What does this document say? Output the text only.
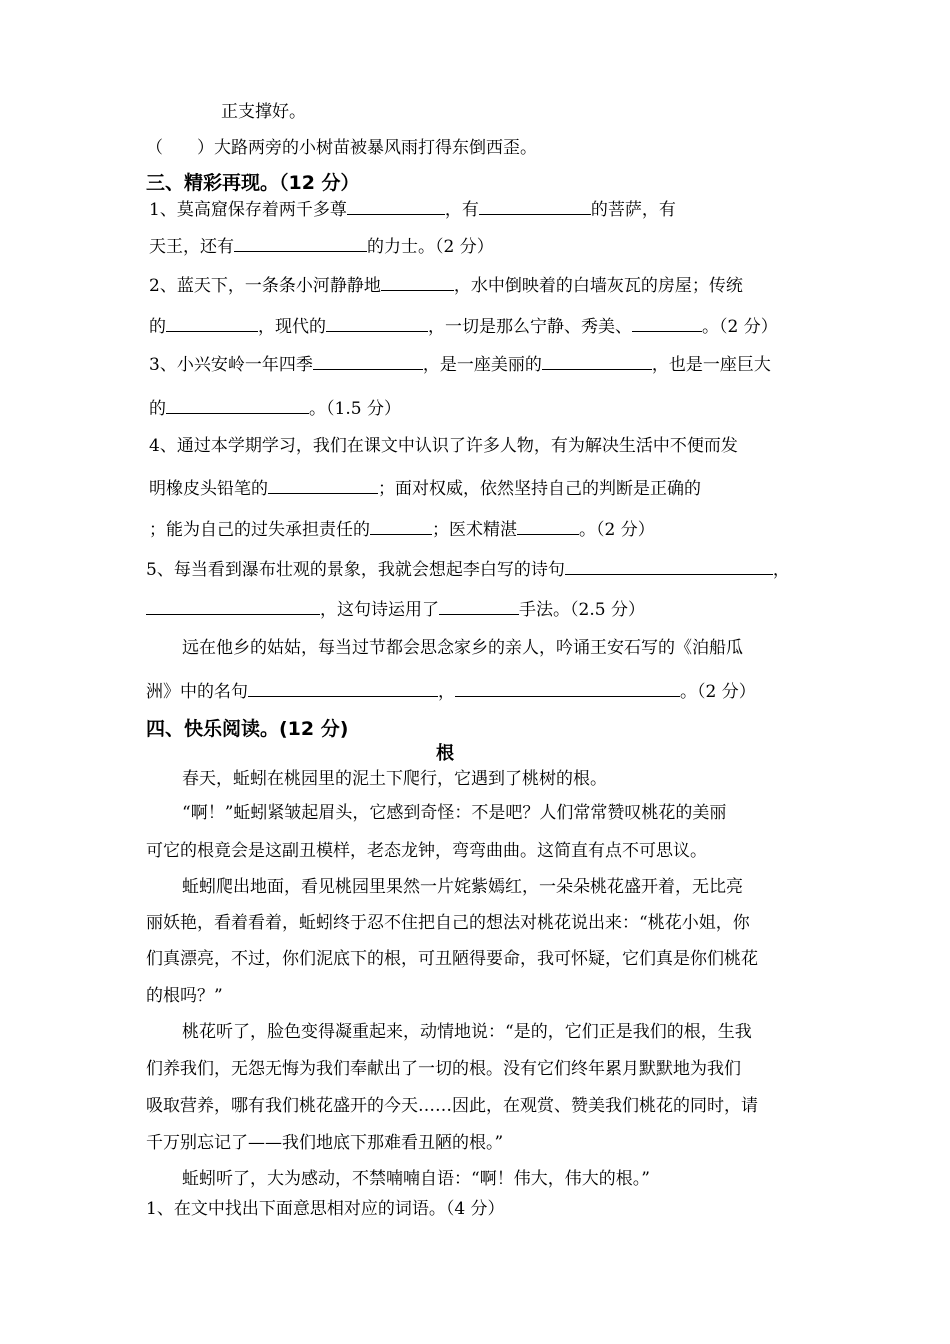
正支撑好。
（　　）大路两旁的小树苗被暴风雨打得东倒西歪。
三、精彩再现。（12 分）
1、莫高窟保存着两千多尊	，有	的菩萨，有
天王，还有	的力士。（2 分）
2、蓝天下，一条条小河静静地	，水中倒映着的白墙灰瓦的房屋；传统
的	，现代的	，一切是那么宁静、秀美、	。（2 分）
3、小兴安岭一年四季	，是一座美丽的	，也是一座巨大
的	。（1.5 分）
4、通过本学期学习，我们在课文中认识了许多人物，有为解决生活中不便而发
明橡皮头铅笔的	；面对权威，依然坚持自己的判断是正确的
；能为自己的过失承担责任的	；医术精湛	。（2 分）
5、每当看到瀑布壮观的景象，我就会想起李白写的诗句	，
，这句诗运用了	手法。（2.5 分）
远在他乡的姑姑，每当过节都会思念家乡的亲人，吟诵王安石写的《泊船瓜
洲》中的名句	，	。（2 分）
四、快乐阅读。(12 分)
根
春天，蚯蚓在桃园里的泥土下爬行，它遇到了桃树的根。
“啊！”蚯蚓紧皱起眉头，它感到奇怪：不是吧？人们常常赞叹桃花的美丽
可它的根竟会是这副丑模样，老态龙钟，弯弯曲曲。这简直有点不可思议。
蚯蚓爬出地面，看见桃园里果然一片姹紫嫣红，一朵朵桃花盛开着，无比亮
丽妖艳，看着看着，蚯蚓终于忍不住把自己的想法对桃花说出来：“桃花小姐，你
们真漂亮，不过，你们泥底下的根，可丑陋得要命，我可怀疑，它们真是你们桃花
的根吗？”
桃花听了，脸色变得凝重起来，动情地说：“是的，它们正是我们的根，生我
们养我们，无怨无悔为我们奉献出了一切的根。没有它们终年累月默默地为我们
吸取营养，哪有我们桃花盛开的今天……因此，在观赏、赞美我们桃花的同时，请
千万别忘记了——我们地底下那难看丑陋的根。”
蚯蚓听了，大为感动，不禁喃喃自语：“啊！伟大，伟大的根。”
1、在文中找出下面意思相对应的词语。（4 分）
